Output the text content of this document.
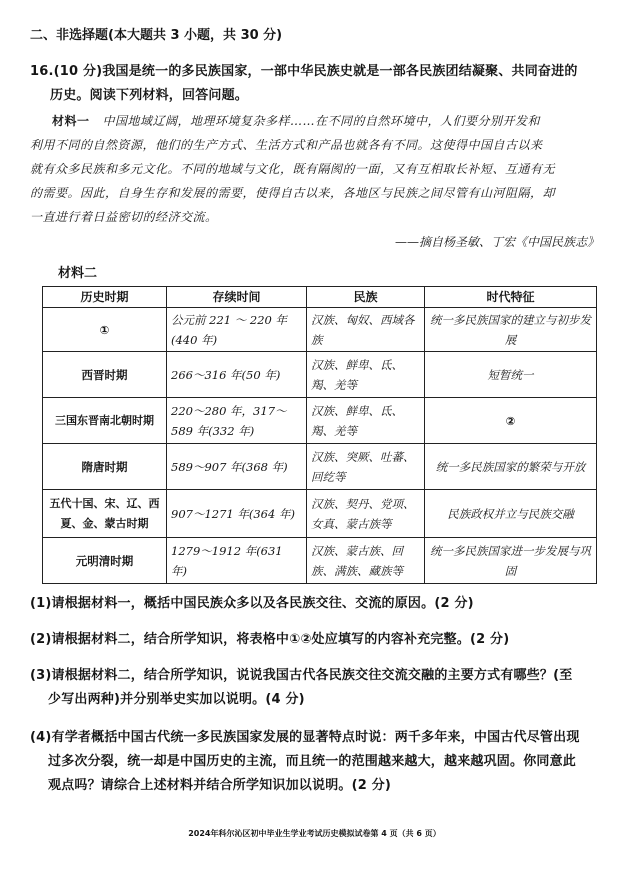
二、非选择题(本大题共 3 小题，共 30 分)
16.(10 分)我国是统一的多民族国家，一部中华民族史就是一部各民族团结凝聚、共同奋进的
历史。阅读下列材料，回答问题。
材料一 中国地域辽阔，地理环境复杂多样……在不同的自然环境中，人们要分别开发和
利用不同的自然资源，他们的生产方式、生活方式和产品也就各有不同。这使得中国自古以来
就有众多民族和多元文化。不同的地域与文化，既有隔阂的一面，又有互相取长补短、互通有无
的需要。因此，自身生存和发展的需要，使得自古以来，各地区与民族之间尽管有山河阻隔，却
一直进行着日益密切的经济交流。
——摘自杨圣敏、丁宏《中国民族志》
材料二
历史时期	存续时间	民族	时代特征
①	公元前 221 ～ 220 年(440 年)	汉族、匈奴、西域各族	统一多民族国家的建立与初步发展
西晋时期	266～316 年(50 年)	汉族、鲜卑、氐、羯、羌等	短暂统一
三国东晋南北朝时期	220～280 年，317～589 年(332 年)	汉族、鲜卑、氐、羯、羌等	②
隋唐时期	589～907 年(368 年)	汉族、突厥、吐蕃、回纥等	统一多民族国家的繁荣与开放
五代十国、宋、辽、西夏、金、蒙古时期	907～1271 年(364 年)	汉族、契丹、党项、女真、蒙古族等	民族政权并立与民族交融
元明清时期	1279～1912 年(631 年)	汉族、蒙古族、回族、满族、藏族等	统一多民族国家进一步发展与巩固
(1)请根据材料一，概括中国民族众多以及各民族交往、交流的原因。(2 分)
(2)请根据材料二，结合所学知识，将表格中①②处应填写的内容补充完整。(2 分)
(3)请根据材料二，结合所学知识，说说我国古代各民族交往交流交融的主要方式有哪些？(至
少写出两种)并分别举史实加以说明。(4 分)
(4)有学者概括中国古代统一多民族国家发展的显著特点时说：两千多年来，中国古代尽管出现
过多次分裂，统一却是中国历史的主流，而且统一的范围越来越大，越来越巩固。你同意此
观点吗？请综合上述材料并结合所学知识加以说明。(2 分)
2024年科尔沁区初中毕业生学业考试历史模拟试卷第 4 页（共 6 页）
